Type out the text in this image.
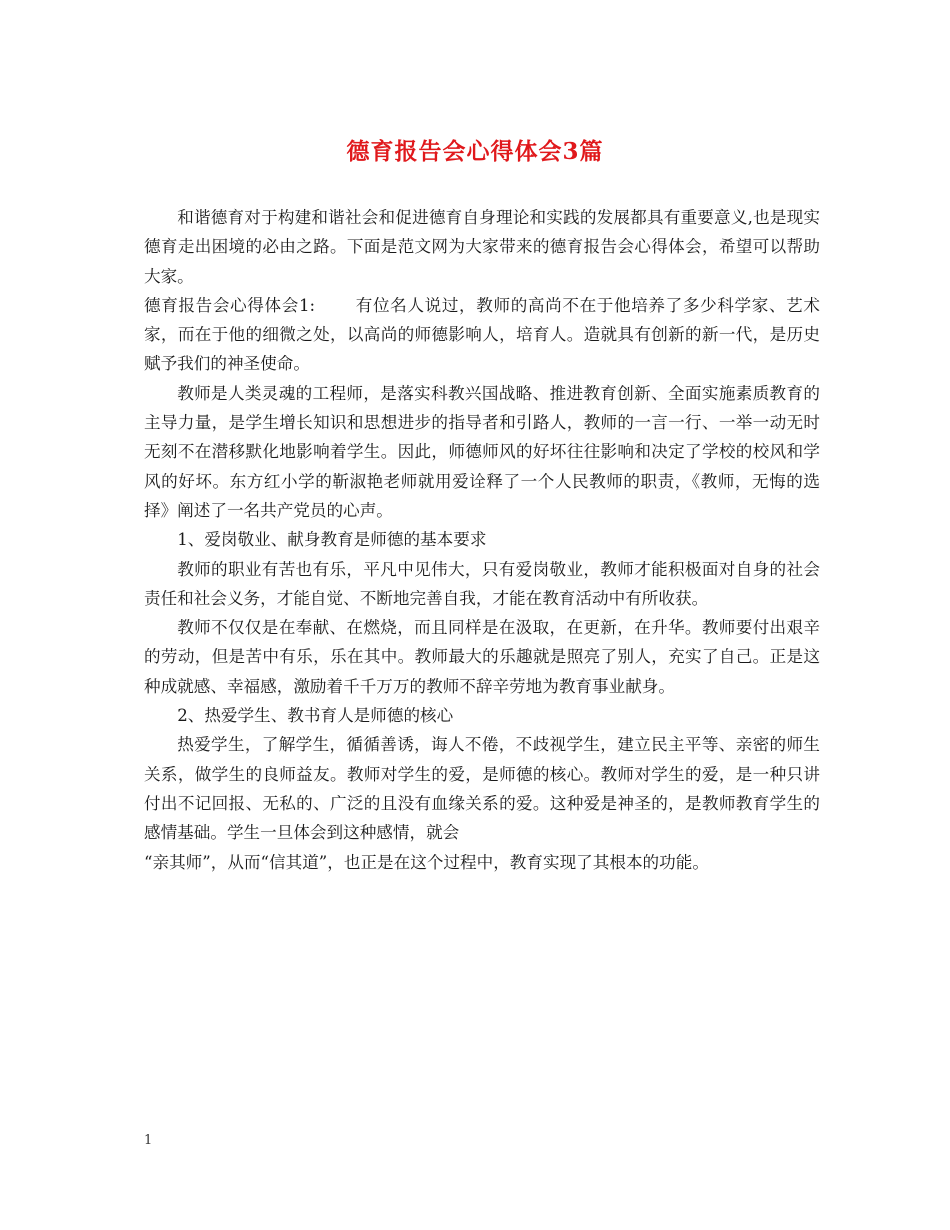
德育报告会心得体会3篇

和谐德育对于构建和谐社会和促进德育自身理论和实践的发展都具有重要意义,也是现实德育走出困境的必由之路。下面是范文网为大家带来的德育报告会心得体会，希望可以帮助大家。

德育报告会心得体会1: 有位名人说过，教师的高尚不在于他培养了多少科学家、艺术家，而在于他的细微之处，以高尚的师德影响人，培育人。造就具有创新的新一代，是历史赋予我们的神圣使命。

教师是人类灵魂的工程师，是落实科教兴国战略、推进教育创新、全面实施素质教育的主导力量，是学生增长知识和思想进步的指导者和引路人，教师的一言一行、一举一动无时无刻不在潜移默化地影响着学生。因此，师德师风的好坏往往影响和决定了学校的校风和学风的好坏。东方红小学的靳淑艳老师就用爱诠释了一个人民教师的职责，《教师，无悔的选择》阐述了一名共产党员的心声。

1、爱岗敬业、献身教育是师德的基本要求

教师的职业有苦也有乐，平凡中见伟大，只有爱岗敬业，教师才能积极面对自身的社会责任和社会义务，才能自觉、不断地完善自我，才能在教育活动中有所收获。

教师不仅仅是在奉献、在燃烧，而且同样是在汲取，在更新，在升华。教师要付出艰辛的劳动，但是苦中有乐，乐在其中。教师最大的乐趣就是照亮了别人，充实了自己。正是这种成就感、幸福感，激励着千千万万的教师不辞辛劳地为教育事业献身。

2、热爱学生、教书育人是师德的核心

热爱学生，了解学生，循循善诱，诲人不倦，不歧视学生，建立民主平等、亲密的师生关系，做学生的良师益友。教师对学生的爱，是师德的核心。教师对学生的爱，是一种只讲付出不记回报、无私的、广泛的且没有血缘关系的爱。这种爱是神圣的，是教师教育学生的感情基础。学生一旦体会到这种感情，就会

“亲其师”，从而“信其道”，也正是在这个过程中，教育实现了其根本的功能。

1
